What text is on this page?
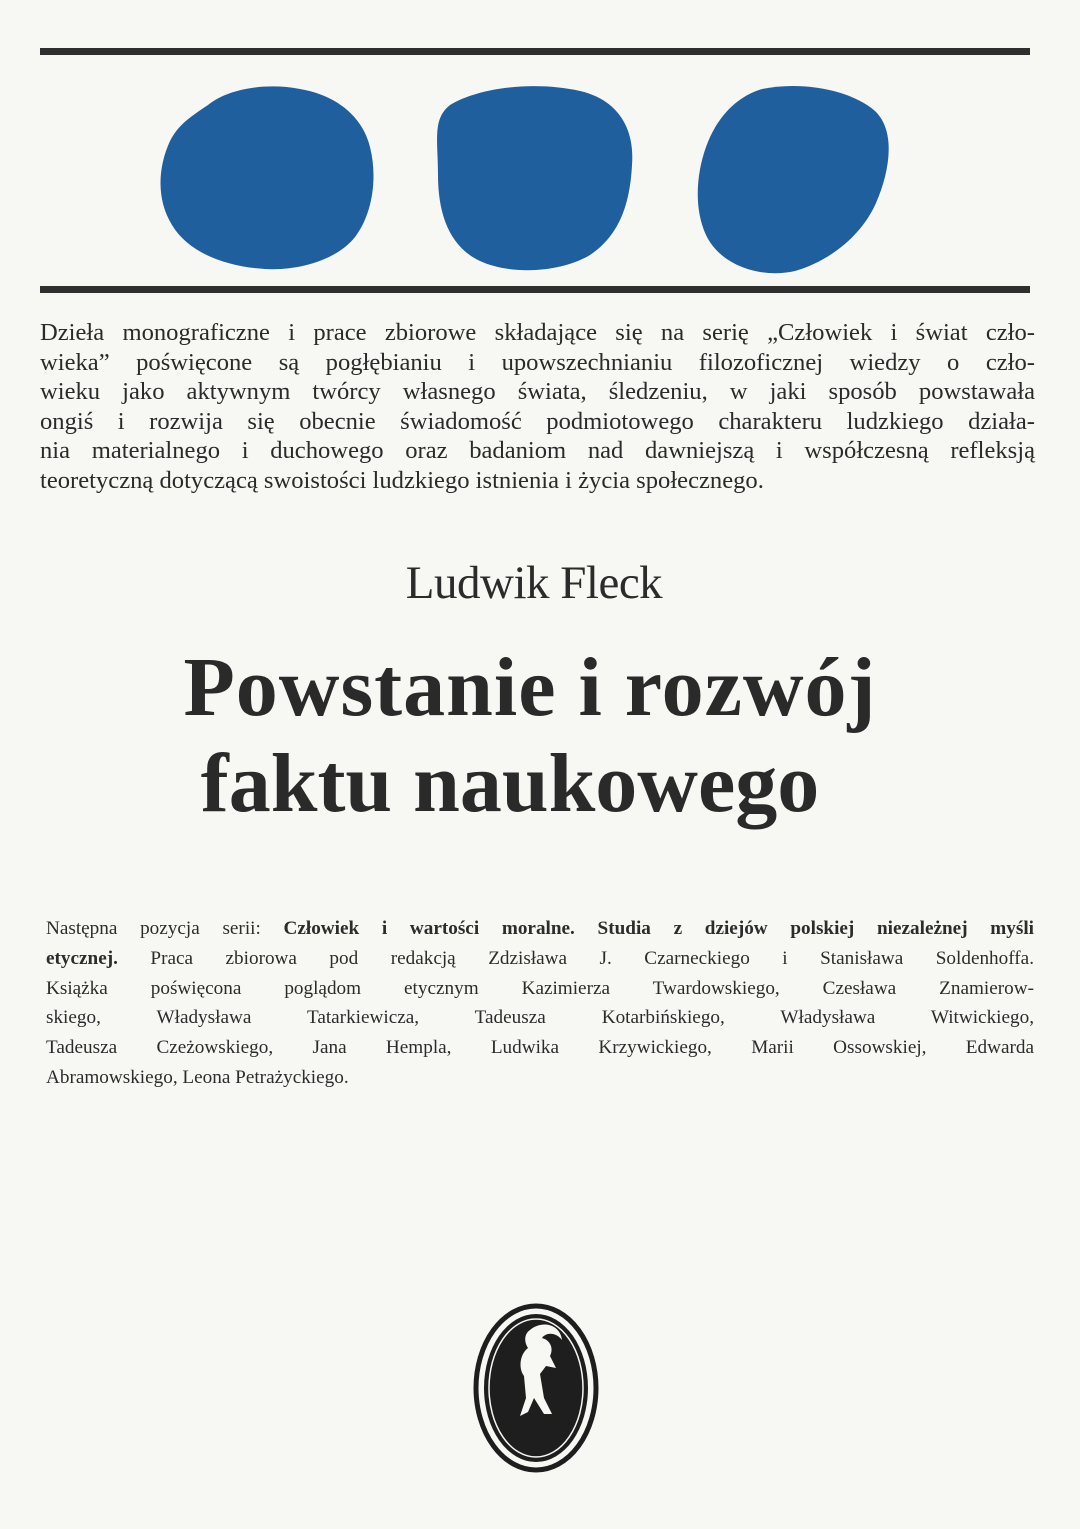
Dzieła monograficzne i prace zbiorowe składające się na serię „Człowiek i świat czło-
wieka” poświęcone są pogłębianiu i upowszechnianiu filozoficznej wiedzy o czło-
wieku jako aktywnym twórcy własnego świata, śledzeniu, w jaki sposób powstawała
ongiś i rozwija się obecnie świadomość podmiotowego charakteru ludzkiego działa-
nia materialnego i duchowego oraz badaniom nad dawniejszą i współczesną refleksją
teoretyczną dotyczącą swoistości ludzkiego istnienia i życia społecznego.
Ludwik Fleck
Powstanie i rozwój
faktu naukowego
Następna pozycja serii: Człowiek i wartości moralne. Studia z dziejów polskiej niezależnej myśli
etycznej. Praca zbiorowa pod redakcją Zdzisława J. Czarneckiego i Stanisława Soldenhoffa.
Książka poświęcona poglądom etycznym Kazimierza Twardowskiego, Czesława Znamierow-
skiego, Władysława Tatarkiewicza, Tadeusza Kotarbińskiego, Władysława Witwickiego,
Tadeusza Czeżowskiego, Jana Hempla, Ludwika Krzywickiego, Marii Ossowskiej, Edwarda
Abramowskiego, Leona Petrażyckiego.
ŁW
